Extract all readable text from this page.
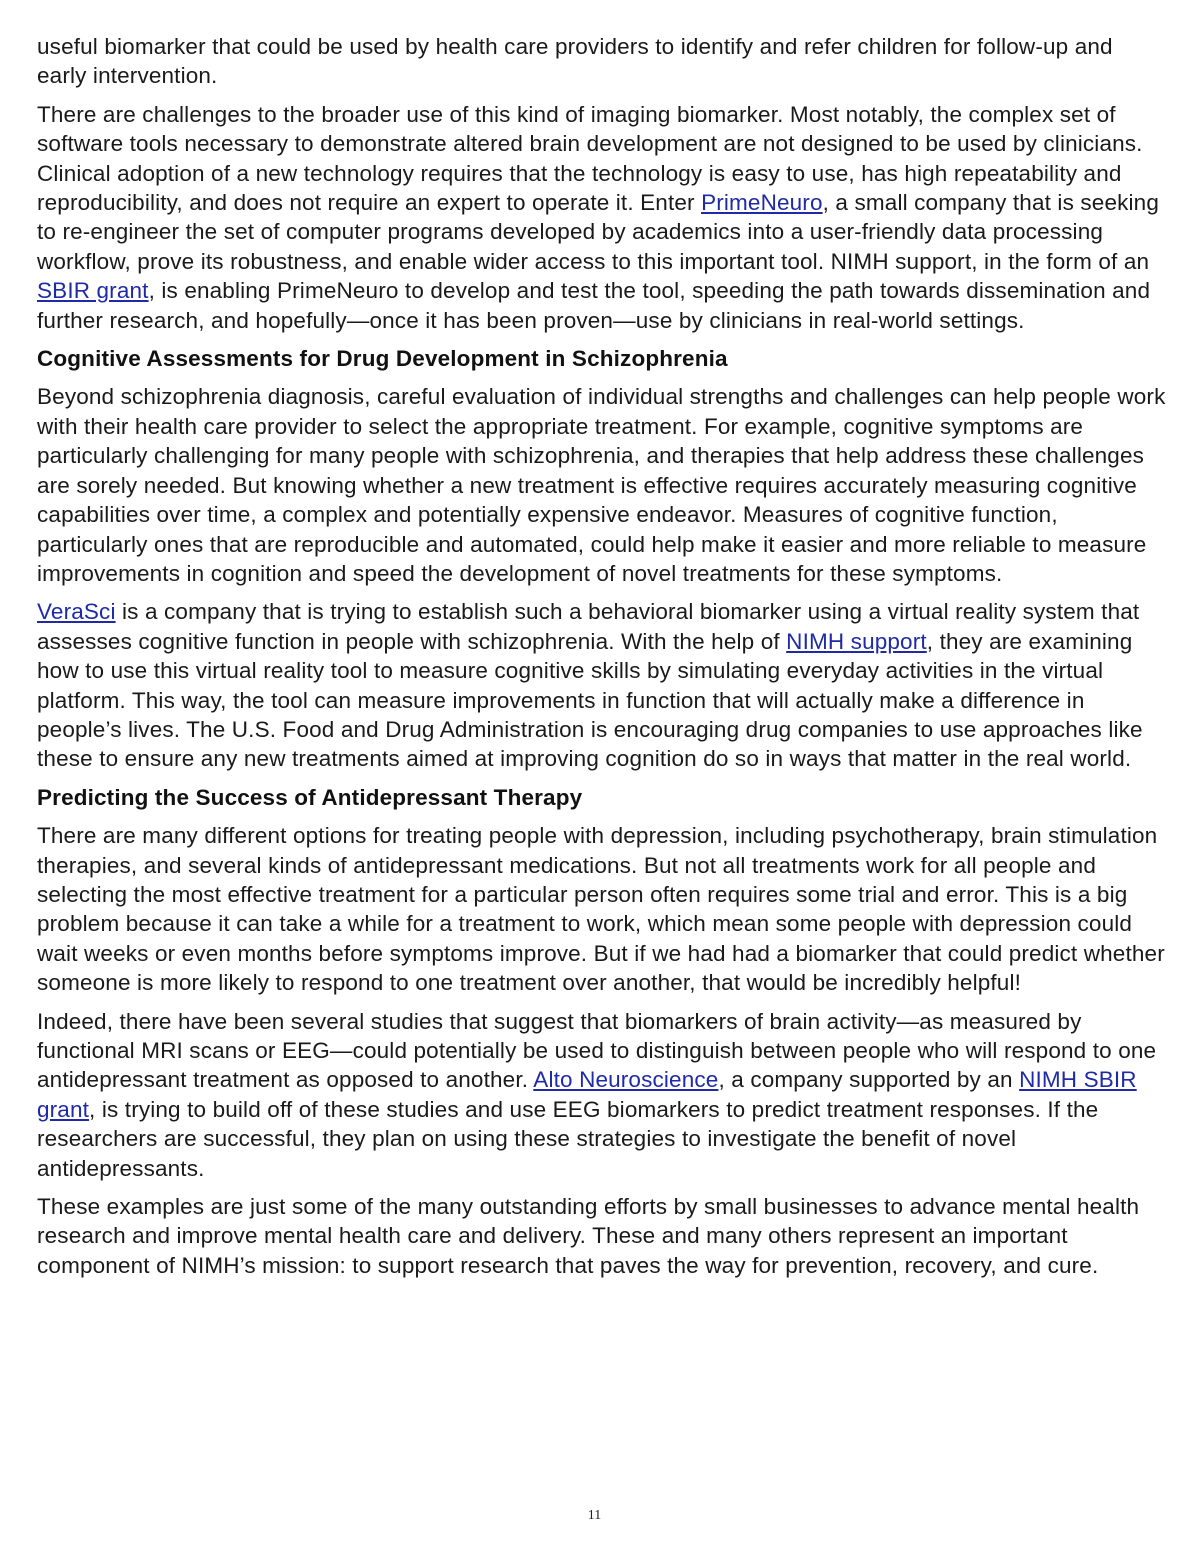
useful biomarker that could be used by health care providers to identify and refer children for follow-up and early intervention.

There are challenges to the broader use of this kind of imaging biomarker. Most notably, the complex set of software tools necessary to demonstrate altered brain development are not designed to be used by clinicians. Clinical adoption of a new technology requires that the technology is easy to use, has high repeatability and reproducibility, and does not require an expert to operate it. Enter PrimeNeuro, a small company that is seeking to re-engineer the set of computer programs developed by academics into a user-friendly data processing workflow, prove its robustness, and enable wider access to this important tool. NIMH support, in the form of an SBIR grant, is enabling PrimeNeuro to develop and test the tool, speeding the path towards dissemination and further research, and hopefully—once it has been proven—use by clinicians in real-world settings.

Cognitive Assessments for Drug Development in Schizophrenia

Beyond schizophrenia diagnosis, careful evaluation of individual strengths and challenges can help people work with their health care provider to select the appropriate treatment. For example, cognitive symptoms are particularly challenging for many people with schizophrenia, and therapies that help address these challenges are sorely needed. But knowing whether a new treatment is effective requires accurately measuring cognitive capabilities over time, a complex and potentially expensive endeavor. Measures of cognitive function, particularly ones that are reproducible and automated, could help make it easier and more reliable to measure improvements in cognition and speed the development of novel treatments for these symptoms.

VeraSci is a company that is trying to establish such a behavioral biomarker using a virtual reality system that assesses cognitive function in people with schizophrenia. With the help of NIMH support, they are examining how to use this virtual reality tool to measure cognitive skills by simulating everyday activities in the virtual platform. This way, the tool can measure improvements in function that will actually make a difference in people’s lives. The U.S. Food and Drug Administration is encouraging drug companies to use approaches like these to ensure any new treatments aimed at improving cognition do so in ways that matter in the real world.

Predicting the Success of Antidepressant Therapy

There are many different options for treating people with depression, including psychotherapy, brain stimulation therapies, and several kinds of antidepressant medications. But not all treatments work for all people and selecting the most effective treatment for a particular person often requires some trial and error. This is a big problem because it can take a while for a treatment to work, which mean some people with depression could wait weeks or even months before symptoms improve. But if we had had a biomarker that could predict whether someone is more likely to respond to one treatment over another, that would be incredibly helpful!

Indeed, there have been several studies that suggest that biomarkers of brain activity—as measured by functional MRI scans or EEG—could potentially be used to distinguish between people who will respond to one antidepressant treatment as opposed to another. Alto Neuroscience, a company supported by an NIMH SBIR grant, is trying to build off of these studies and use EEG biomarkers to predict treatment responses. If the researchers are successful, they plan on using these strategies to investigate the benefit of novel antidepressants.

These examples are just some of the many outstanding efforts by small businesses to advance mental health research and improve mental health care and delivery. These and many others represent an important component of NIMH’s mission: to support research that paves the way for prevention, recovery, and cure.

11
